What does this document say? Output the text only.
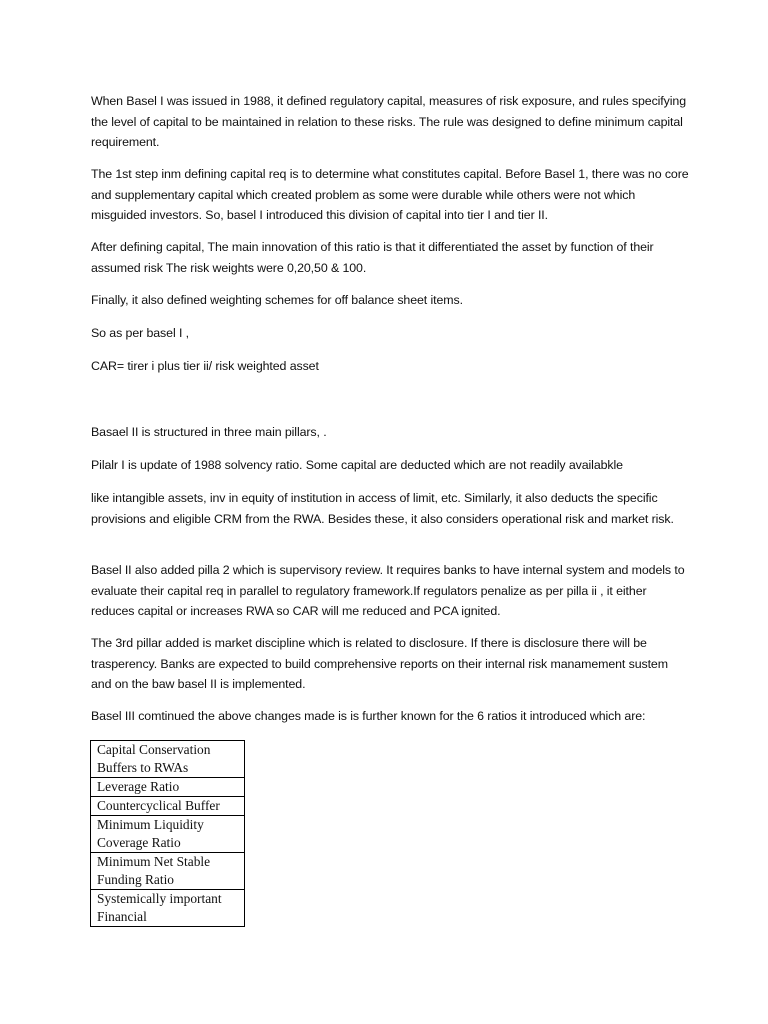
When Basel I was issued in 1988, it defined regulatory capital, measures of risk exposure, and rules specifying the level of capital to be maintained in relation to these risks. The rule was designed to define minimum capital requirement.

The 1st step inm defining capital req is to determine what constitutes capital. Before Basel 1, there was no core and supplementary capital which created problem as some were durable while others were not which misguided investors. So, basel I introduced this division of capital into tier I and tier II.

After defining capital, The main innovation of this ratio is that it differentiated the asset by function of their assumed risk The risk weights were 0,20,50 & 100.

Finally, it also defined weighting schemes for off balance sheet items.

So as per basel I ,

CAR= tirer i plus tier ii/ risk weighted asset

Basael II is structured in three main pillars, .

Pilalr I is update of 1988 solvency ratio. Some capital are deducted which are not readily availabkle

like intangible assets, inv in equity of institution in access of limit, etc. Similarly, it also deducts the specific provisions and eligible CRM from the RWA. Besides these, it also considers operational risk and market risk.

Basel II also added pilla 2 which is supervisory review. It requires banks to have internal system and models to evaluate their capital req in parallel to regulatory framework.If regulators penalize as per pilla ii , it either reduces capital or increases RWA so CAR will me reduced and PCA ignited.

The 3rd pillar added is market discipline which is related to disclosure. If there is disclosure there will be trasperency. Banks are expected to build comprehensive reports on their internal risk manamement sustem and on the baw basel II is implemented.

Basel III comtinued the above changes made is is further known for the 6 ratios it introduced which are:

Capital Conservation Buffers to RWAs
Leverage Ratio
Countercyclical Buffer
Minimum Liquidity Coverage Ratio
Minimum Net Stable Funding Ratio
Systemically important Financial
